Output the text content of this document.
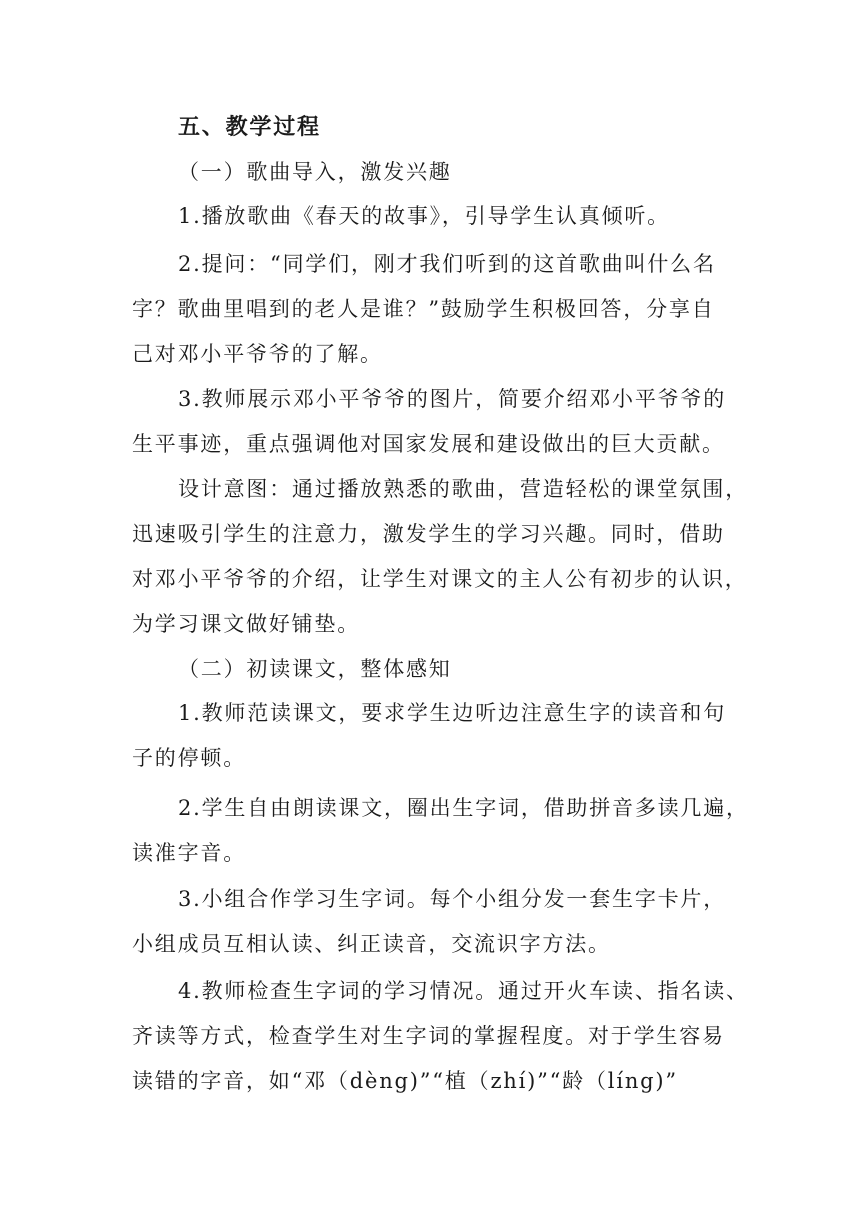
五、教学过程
（一）歌曲导入，激发兴趣
1.播放歌曲《春天的故事》，引导学生认真倾听。
2.提问：“同学们，刚才我们听到的这首歌曲叫什么名
字？歌曲里唱到的老人是谁？”鼓励学生积极回答，分享自
己对邓小平爷爷的了解。
3.教师展示邓小平爷爷的图片，简要介绍邓小平爷爷的
生平事迹，重点强调他对国家发展和建设做出的巨大贡献。
设计意图：通过播放熟悉的歌曲，营造轻松的课堂氛围，
迅速吸引学生的注意力，激发学生的学习兴趣。同时，借助
对邓小平爷爷的介绍，让学生对课文的主人公有初步的认识，
为学习课文做好铺垫。
（二）初读课文，整体感知
1.教师范读课文，要求学生边听边注意生字的读音和句
子的停顿。
2.学生自由朗读课文，圈出生字词，借助拼音多读几遍，
读准字音。
3.小组合作学习生字词。每个小组分发一套生字卡片，
小组成员互相认读、纠正读音，交流识字方法。
4.教师检查生字词的学习情况。通过开火车读、指名读、
齐读等方式，检查学生对生字词的掌握程度。对于学生容易
读错的字音，如“邓（dèng)”“植（zhí)”“龄（líng)”
